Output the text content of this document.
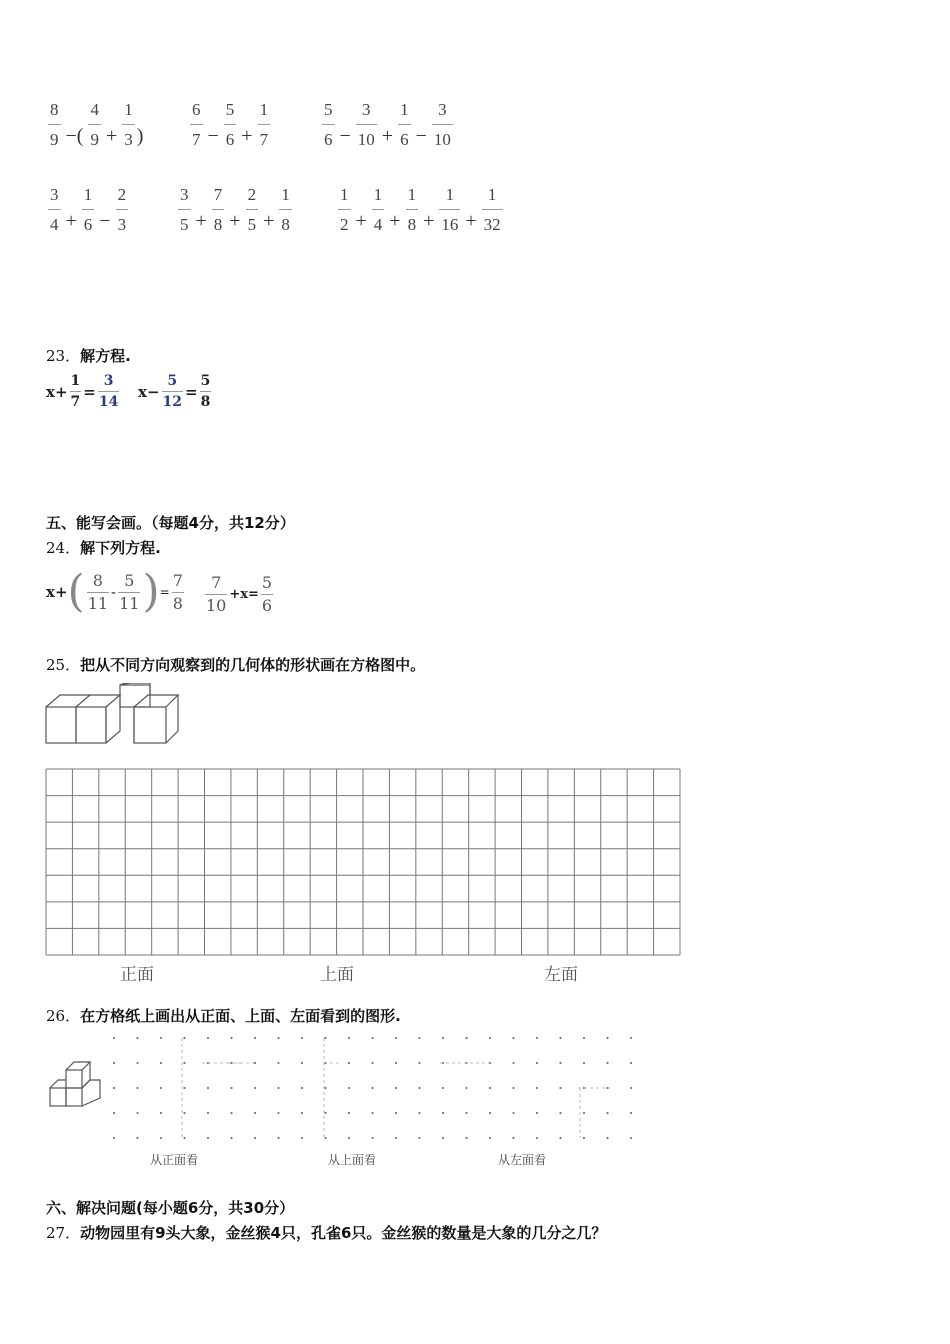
$\frac{8}{9}$ −( $\frac{4}{9} + \frac{1}{3}$ )	$\frac{6}{7} - \frac{5}{6} + \frac{1}{7}$	$\frac{5}{6} - \frac{3}{10} + \frac{1}{6} - \frac{3}{10}$
$\frac{3}{4} + \frac{1}{6} - \frac{2}{3}$	$\frac{3}{5} + \frac{7}{8} + \frac{2}{5} + \frac{1}{8}$	$\frac{1}{2} + \frac{1}{4} + \frac{1}{8} + \frac{1}{16} + \frac{1}{32}$
23．解方程.
$x+ \frac{1}{7} = \frac{3}{14} x- \frac{5}{12} = \frac{5}{8}$
五、能写会画。（每题4分，共12分）
24．解下列方程.
x+ ( $\frac{8}{11} - \frac{5}{11}$ ) = $\frac{7}{8} \frac{7}{10} +x= \frac{5}{6}$
25．把从不同方向观察到的几何体的形状画在方格图中。
正面	上面	左面
26．在方格纸上画出从正面、上面、左面看到的图形.
从正面看	从上面看	从左面看
六、解决问题(每小题6分，共30分）
27．动物园里有9头大象，金丝猴4只，孔雀6只。金丝猴的数量是大象的几分之几？
